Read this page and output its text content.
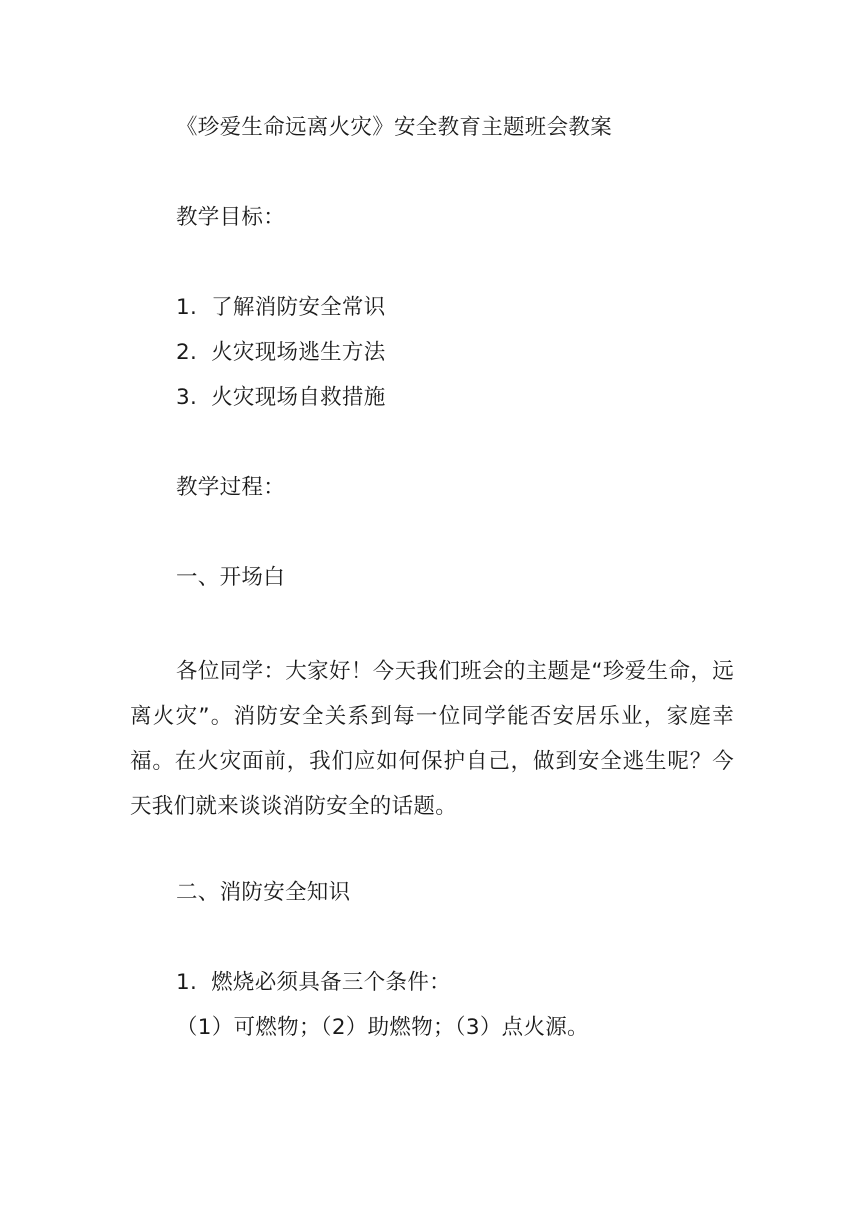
《珍爱生命远离火灾》安全教育主题班会教案
教学目标：
1. 了解消防安全常识
2. 火灾现场逃生方法
3. 火灾现场自救措施
教学过程：
一、开场白
各位同学：大家好！今天我们班会的主题是“珍爱生命，远离火灾”。消防安全关系到每一位同学能否安居乐业，家庭幸福。在火灾面前，我们应如何保护自己，做到安全逃生呢？今天我们就来谈谈消防安全的话题。
二、消防安全知识
1. 燃烧必须具备三个条件：
（1）可燃物；（2）助燃物；（3）点火源。
